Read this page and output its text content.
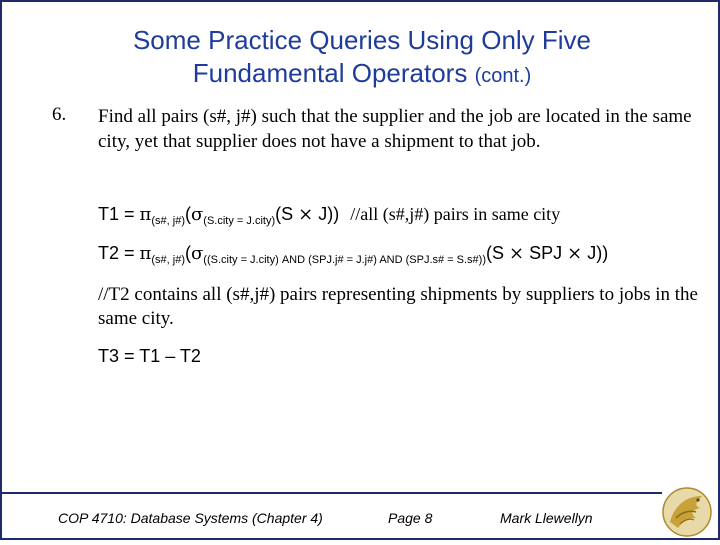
Some Practice Queries Using Only Five
Fundamental Operators (cont.)
6. Find all pairs (s#, j#) such that the supplier and the job are located in the same city, yet that supplier does not have a shipment to that job.
$T1 = \pi_{(s\#, j\#)}(\sigma_{(S.city = J.city)}(S \times J))$ //all (s#,j#) pairs in same city
$T2 = \pi_{(s\#, j\#)}(\sigma_{((S.city = J.city) AND (SPJ.j\# = J.j\#) AND (SPJ.s\# = S.s\#))}(S$ × SPJ × J))
//T2 contains all (s#,j#) pairs representing shipments by suppliers to jobs in the same city.
T3 = T1 – T2
COP 4710: Database Systems (Chapter 4)	Page 8	Mark Llewellyn
